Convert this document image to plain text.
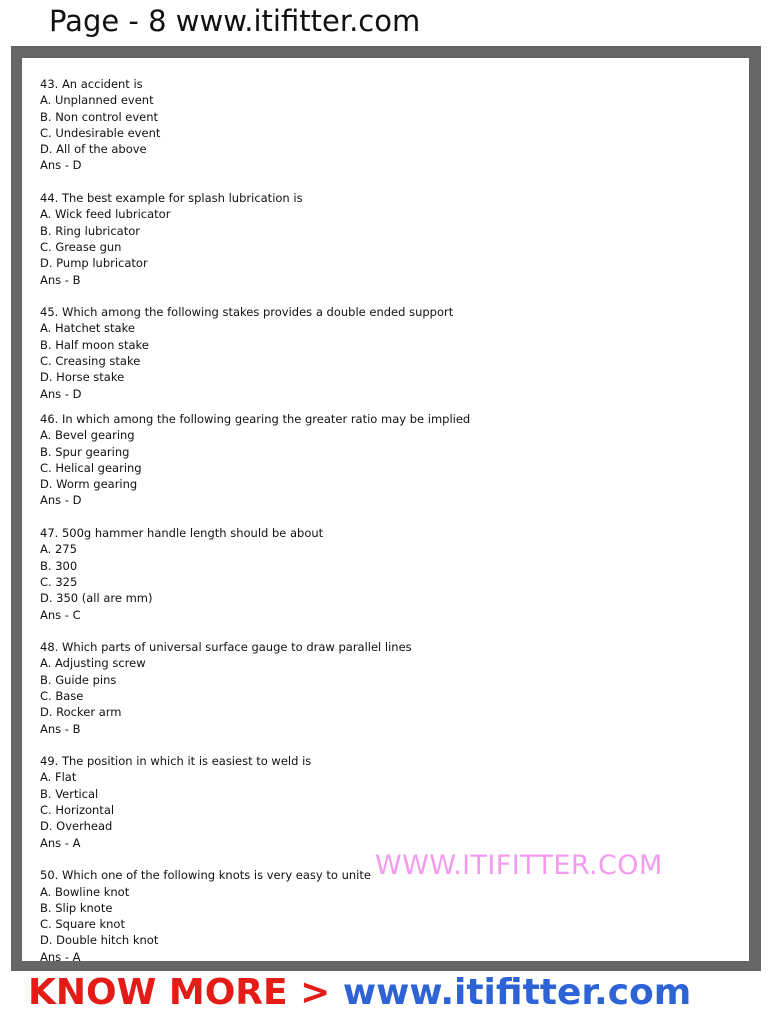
Page - 8 www.itifitter.com
43. An accident is
A. Unplanned event
B. Non control event
C. Undesirable event
D. All of the above
Ans - D
44. The best example for splash lubrication is
A. Wick feed lubricator
B. Ring lubricator
C. Grease gun
D. Pump lubricator
Ans - B
45. Which among the following stakes provides a double ended support
A. Hatchet stake
B. Half moon stake
C. Creasing stake
D. Horse stake
Ans - D
46. In which among the following gearing the greater ratio may be implied
A. Bevel gearing
B. Spur gearing
C. Helical gearing
D. Worm gearing
Ans - D
47. 500g hammer handle length should be about
A. 275
B. 300
C. 325
D. 350 (all are mm)
Ans - C
48. Which parts of universal surface gauge to draw parallel lines
A. Adjusting screw
B. Guide pins
C. Base
D. Rocker arm
Ans - B
49. The position in which it is easiest to weld is
A. Flat
B. Vertical
C. Horizontal
D. Overhead
Ans - A
50. Which one of the following knots is very easy to unite
A. Bowline knot
B. Slip knote
C. Square knot
D. Double hitch knot
Ans - A
WWW.ITIFITTER.COM
KNOW MORE > www.itifitter.com
